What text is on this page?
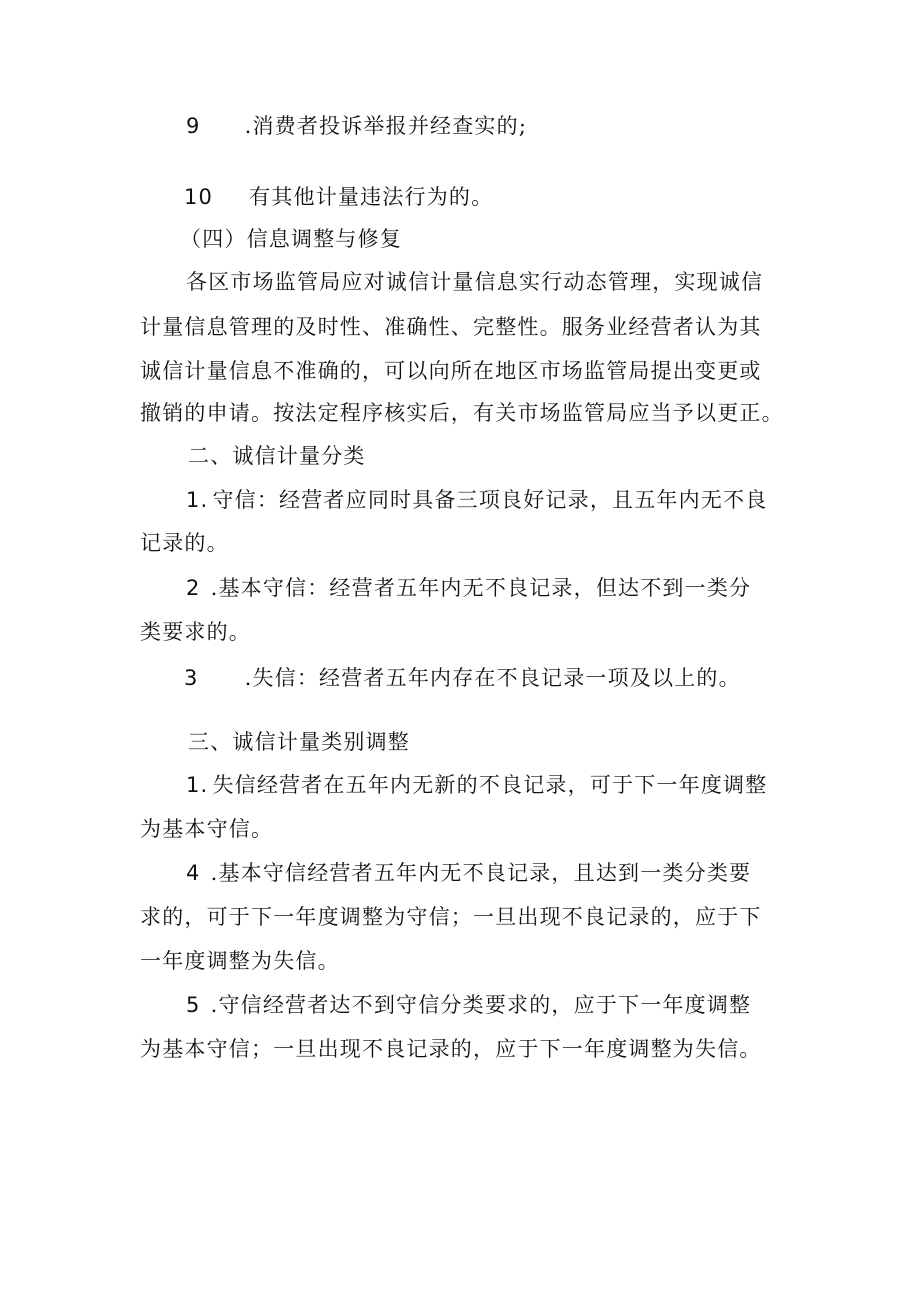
9 .消费者投诉举报并经查实的;
10 有其他计量违法行为的。
（四）信息调整与修复
各区市场监管局应对诚信计量信息实行动态管理，实现诚信
计量信息管理的及时性、准确性、完整性。服务业经营者认为其
诚信计量信息不准确的，可以向所在地区市场监管局提出变更或
撤销的申请。按法定程序核实后，有关市场监管局应当予以更正。
二、诚信计量分类
1. 守信：经营者应同时具备三项良好记录，且五年内无不良
记录的。
2 .基本守信：经营者五年内无不良记录，但达不到一类分
类要求的。
3 .失信：经营者五年内存在不良记录一项及以上的。
三、诚信计量类别调整
1. 失信经营者在五年内无新的不良记录，可于下一年度调整
为基本守信。
4 .基本守信经营者五年内无不良记录，且达到一类分类要
求的，可于下一年度调整为守信；一旦出现不良记录的，应于下
一年度调整为失信。
5 .守信经营者达不到守信分类要求的，应于下一年度调整
为基本守信；一旦出现不良记录的，应于下一年度调整为失信。
